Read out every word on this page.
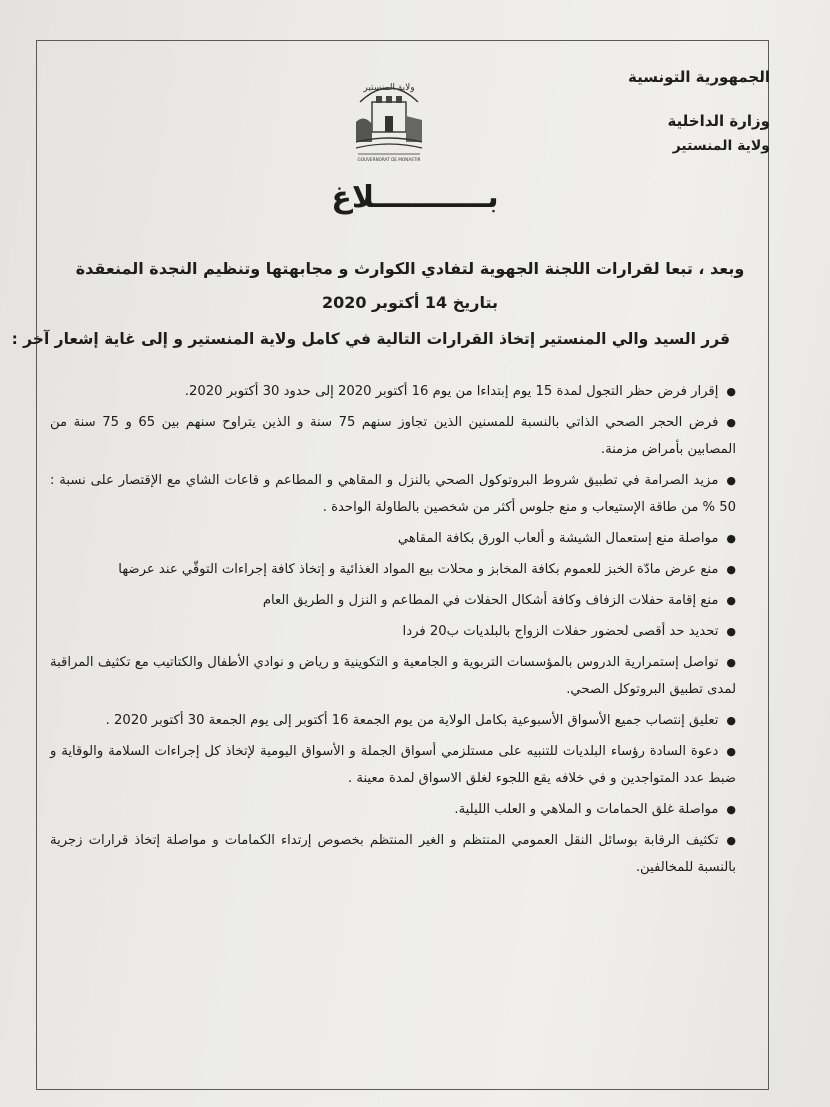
الجمهورية التونسية
وزارة الداخلية
ولاية المنستير
ولاية المنستير
GOUVERNORAT DE MONASTIR
بـــــــــــلاغ
وبعد ، تبعا لقرارات اللجنة الجهوية لتفادي الكوارث و مجابهتها وتنظيم النجدة المنعقدة
بتاريخ 14 أكتوبر 2020
قرر السيد والي المنستير إتخاذ القرارات التالية في كامل ولاية المنستير و إلى غاية إشعار آخر :
●إقرار فرض حظر التجول لمدة 15 يوم إبتداءا من يوم 16 أكتوبر 2020 إلى حدود 30 أكتوبر 2020.
●فرض الحجر الصحي الذاتي بالنسبة للمسنين الذين تجاوز سنهم 75 سنة و الذين يتراوح سنهم بين 65 و 75 سنة من المصابين بأمراض مزمنة.
●مزيد الصرامة في تطبيق شروط البروتوكول الصحي بالنزل و المقاهي و المطاعم و قاعات الشاي مع الإقتصار على نسبة : 50 % من طاقة الإستيعاب و منع جلوس أكثر من شخصين بالطاولة الواحدة .
●مواصلة منع إستعمال الشيشة و ألعاب الورق بكافة المقاهي
●منع عرض مادّة الخبز للعموم بكافة المخابز و محلات بيع المواد الغذائية و إتخاذ كافة إجراءات التوقّي عند عرضها
●منع إقامة حفلات الزفاف وكافة أشكال الحفلات في المطاعم و النزل و الطريق العام
●تحديد حد أقصى لحضور حفلات الزواج بالبلديات ب20 فردا
●تواصل إستمرارية الدروس بالمؤسسات التربوية و الجامعية و التكوينية و رياض و نوادي الأطفال والكتاتيب مع تكثيف المراقبة لمدى تطبيق البروتوكل الصحي.
●تعليق إنتصاب جميع الأسواق الأسبوعية بكامل الولاية من يوم الجمعة 16 أكتوبر إلى يوم الجمعة 30 أكتوبر 2020 .
●دعوة السادة رؤساء البلديات للتنبيه على مستلزمي أسواق الجملة و الأسواق اليومية لإتخاذ كل إجراءات السلامة والوقاية و ضبط عدد المتواجدين و في خلافه يقع اللجوء لغلق الاسواق لمدة معينة .
●مواصلة غلق الحمامات و الملاهي و العلب الليلية.
●تكثيف الرقابة بوسائل النقل العمومي المنتظم و الغير المنتظم بخصوص إرتداء الكمامات و مواصلة إتخاذ قرارات زجرية بالنسبة للمخالفين.
